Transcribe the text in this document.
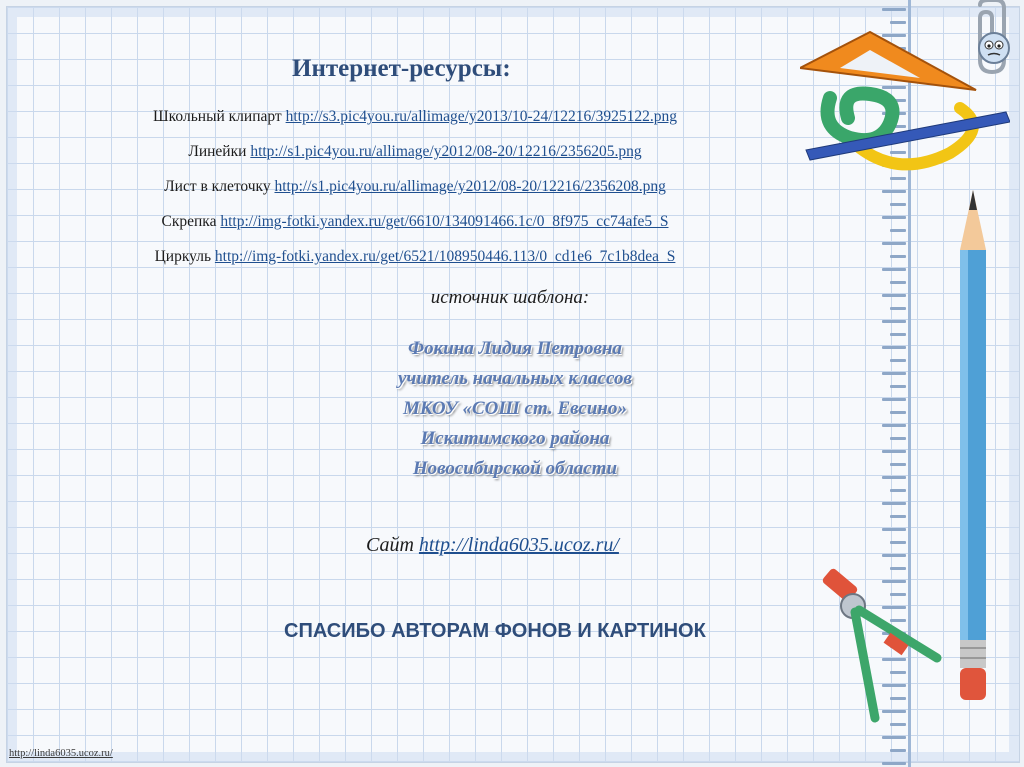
Интернет-ресурсы:
Школьный клипарт http://s3.pic4you.ru/allimage/y2013/10-24/12216/3925122.png
Линейки http://s1.pic4you.ru/allimage/y2012/08-20/12216/2356205.png
Лист в клеточку http://s1.pic4you.ru/allimage/y2012/08-20/12216/2356208.png
Скрепка http://img-fotki.yandex.ru/get/6610/134091466.1c/0_8f975_cc74afe5_S
Циркуль http://img-fotki.yandex.ru/get/6521/108950446.113/0_cd1e6_7c1b8dea_S
источник шаблона:
Фокина Лидия Петровна
учитель начальных классов
МКОУ «СОШ ст. Евсино»
Искитимского района
Новосибирской области
Сайт http://linda6035.ucoz.ru/
СПАСИБО АВТОРАМ ФОНОВ И КАРТИНОК
http://linda6035.ucoz.ru/
